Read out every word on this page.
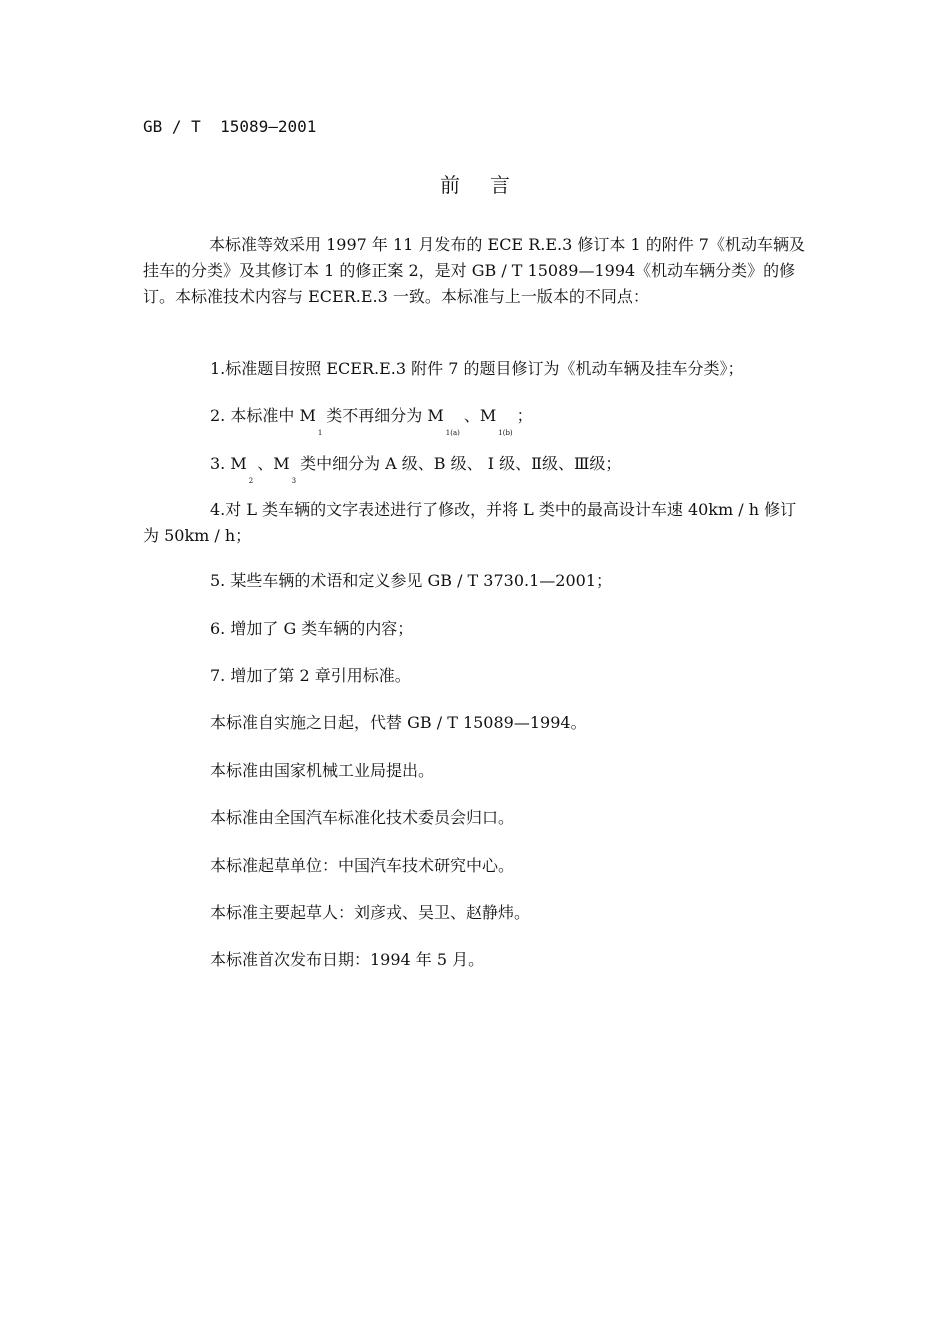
GB / T  15089—2001
前言

本标准等效采用 1997 年 11 月发布的 ECE R.E.3 修订本 1 的附件 7《机动车辆及挂车的分类》及其修订本 1 的修正案 2，是对 GB / T 15089—1994《机动车辆分类》的修订。本标准技术内容与 ECER.E.3 一致。本标准与上一版本的不同点：

1.标准题目按照 ECER.E.3 附件 7 的题目修订为《机动车辆及挂车分类》；

2. 本标准中 $M_1$类不再细分为 $M_{1(a)}$、$M_{1(b)}$；

3. $M_2$、$M_3$类中细分为 A 级、B 级、 Ⅰ 级、Ⅱ级、Ⅲ级；

4.对 L 类车辆的文字表述进行了修改，并将 L 类中的最高设计车速 40km / h 修订为 50km / h；

5. 某些车辆的术语和定义参见 GB / T 3730.1—2001；

6. 增加了 G 类车辆的内容；

7. 增加了第 2 章引用标准。

本标准自实施之日起，代替 GB / T 15089—1994。

本标准由国家机械工业局提出。

本标准由全国汽车标准化技术委员会归口。

本标准起草单位：中国汽车技术研究中心。

本标准主要起草人：刘彦戎、吴卫、赵静炜。

本标准首次发布日期：1994 年 5 月。
